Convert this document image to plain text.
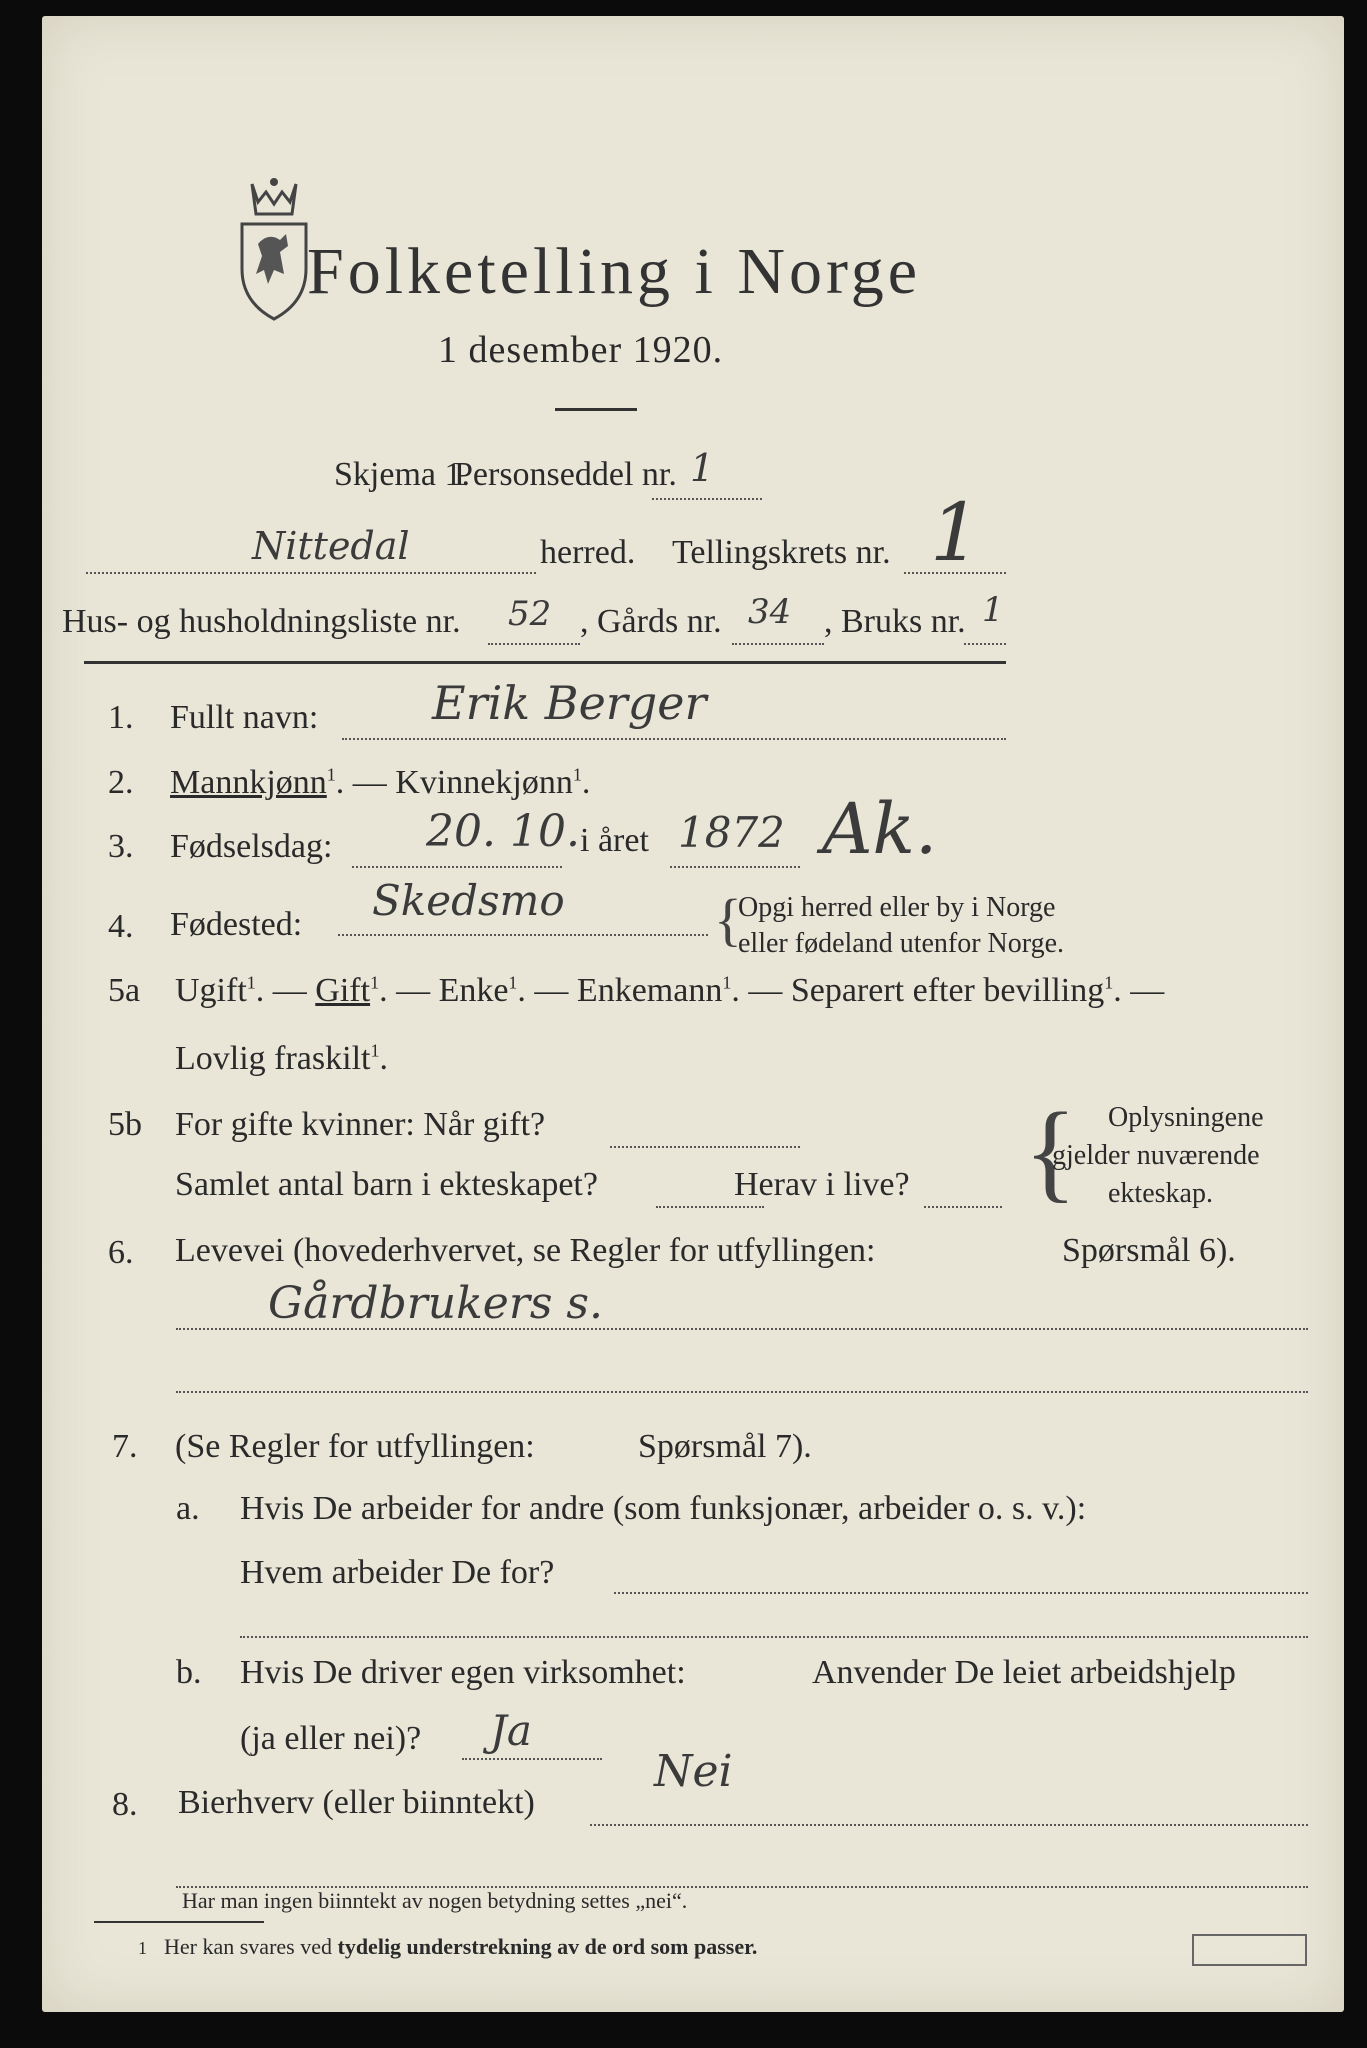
Folketelling i Norge
1 desember 1920.
Skjema 1.
Personseddel nr. 1
Nittedal	herred. Tellingskrets nr. 1
Hus- og husholdningsliste nr. 52 , Gårds nr. 34 , Bruks nr. 1
1. Fullt navn: Erik Berger
2. Mannkjønn$^1$. — Kvinnekjønn$^1$.
3. Fødselsdag: 20. 10. i året 1872 Ak.
4. Fødested: Skedsmo	{
Opgi herred eller by i Norge
eller fødeland utenfor Norge.
5a Ugift$^1$. — Gift$^1$. — Enke$^1$. — Enkemann$^1$. — Separert efter bevilling$^1$. —
Lovlig fraskilt$^1$.
5b For gifte kvinner: Når gift?
Samlet antal barn i ekteskapet?	Herav i live? { Oplysningene
gjelder nuværende
ekteskap.
6. Levevei (hovederhvervet, se Regler for utfyllingen:	Spørsmål 6).
Gårdbrukers s.
7. (Se Regler for utfyllingen:	Spørsmål 7).
a. Hvis De arbeider for andre (som funksjonær, arbeider o. s. v.):
Hvem arbeider De for?
b. Hvis De driver egen virksomhet:	Anvender De leiet arbeidshjelp
(ja eller nei)? Ja
8. Bierhverv (eller biinntekt)
Nei
Har man ingen biinntekt av nogen betydning settes „nei“.
1 Her kan svares ved tydelig understrekning av de ord som passer.
